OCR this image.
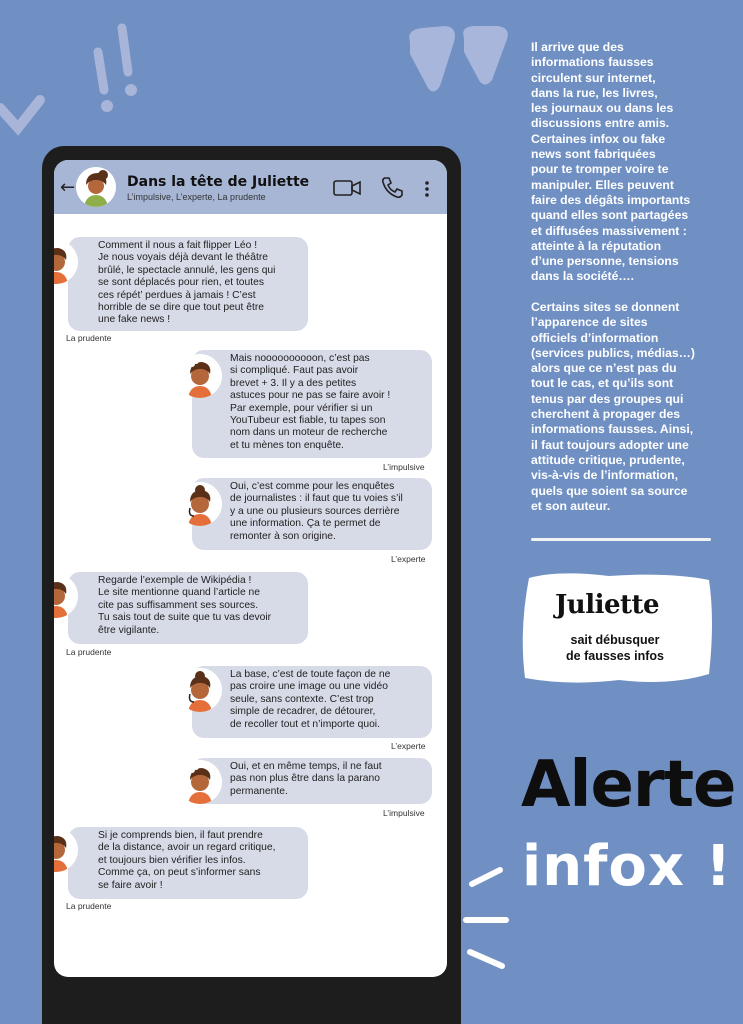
←	Dans la tête de Juliette
L’impulsive, L’experte, La prudente
Comment il nous a fait flipper Léo !
Je nous voyais déjà devant le théâtre
brûlé, le spectacle annulé, les gens qui
se sont déplacés pour rien, et toutes
ces répét’ perdues à jamais ! C’est
horrible de se dire que tout peut être
une fake news !
La prudente
Mais noooooooooon, c’est pas
si compliqué. Faut pas avoir
brevet + 3. Il y a des petites
astuces pour ne pas se faire avoir !
Par exemple, pour vérifier si un
YouTubeur est fiable, tu tapes son
nom dans un moteur de recherche
et tu mènes ton enquête.
L’impulsive
Oui, c’est comme pour les enquêtes
de journalistes : il faut que tu voies s’il
y a une ou plusieurs sources derrière
une information. Ça te permet de
remonter à son origine.
L’experte
Regarde l’exemple de Wikipédia !
Le site mentionne quand l’article ne
cite pas suffisamment ses sources.
Tu sais tout de suite que tu vas devoir
être vigilante.
La prudente
La base, c’est de toute façon de ne
pas croire une image ou une vidéo
seule, sans contexte. C’est trop
simple de recadrer, de détourer,
de recoller tout et n’importe quoi.
L’experte
Oui, et en même temps, il ne faut
pas non plus être dans la parano
permanente.
L’impulsive
Si je comprends bien, il faut prendre
de la distance, avoir un regard critique,
et toujours bien vérifier les infos.
Comme ça, on peut s’informer sans
se faire avoir !
La prudente
Il arrive que des
informations fausses
circulent sur internet,
dans la rue, les livres,
les journaux ou dans les
discussions entre amis.
Certaines infox ou fake
news sont fabriquées
pour te tromper voire te
manipuler. Elles peuvent
faire des dégâts importants
quand elles sont partagées
et diffusées massivement :
atteinte à la réputation
d’une personne, tensions
dans la société….
Certains sites se donnent
l’apparence de sites
officiels d’information
(services publics, médias…)
alors que ce n’est pas du
tout le cas, et qu’ils sont
tenus par des groupes qui
cherchent à propager des
informations fausses. Ainsi,
il faut toujours adopter une
attitude critique, prudente,
vis-à-vis de l’information,
quels que soient sa source
et son auteur.
Juliette
sait débusquer
de fausses infos
Alerte
infox !
